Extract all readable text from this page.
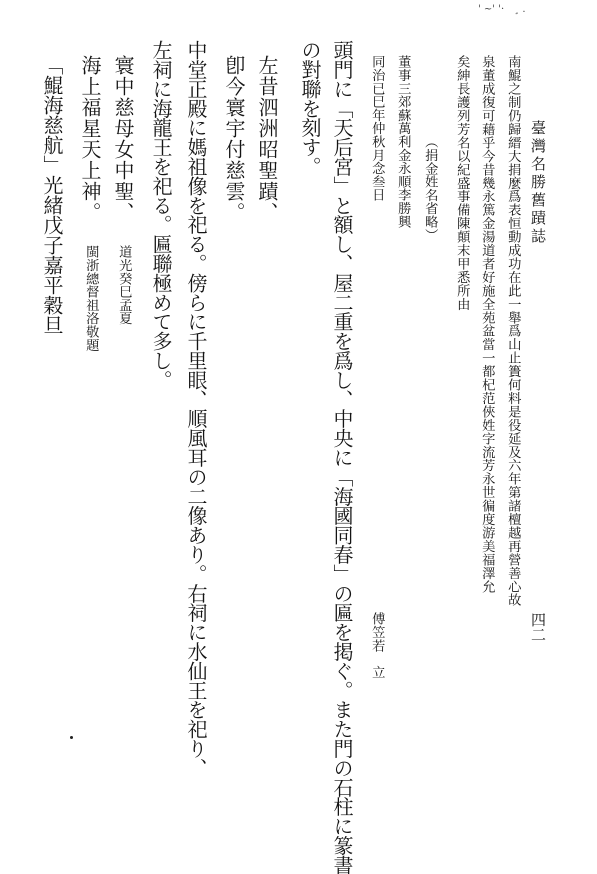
' ~' '·　¸ .
臺灣名勝舊蹟誌
四二
南鯤之制仍歸縉大捐麼爲表恒動成功在此一舉爲山止簣何料是役延及六年第諸檀越再營善心故
泉董成復可藉乎今昔幾永篤金湯道者好施全苑盆當一都杞范俠姓字流芳永世徧度游美福澤允
矣紳長護列芳名以紀盛事備陳顛末甲悉所由
（捐金姓名省略）
董事三郊蘇萬利金永順李勝興
同治已巳年仲秋月念叁日
傅笠若　立
頭門に「天后宮」と額し、屋二重を爲し、中央に「海國同春」の匾を掲ぐ。また門の石柱に篆書
の對聯を刻す。
左昔泗洲昭聖蹟、
卽今寰宇付慈雲。
中堂正殿に媽祖像を祀る。傍らに千里眼、順風耳の二像あり。右祠に水仙王を祀り、
左祠に海龍王を祀る。匾聯極めて多し。
寰中慈母女中聖、
道光癸巳孟夏
海上福星天上神。
閩浙總督祖洛敬題
「鯤海慈航」光緒戊子嘉平穀旦
